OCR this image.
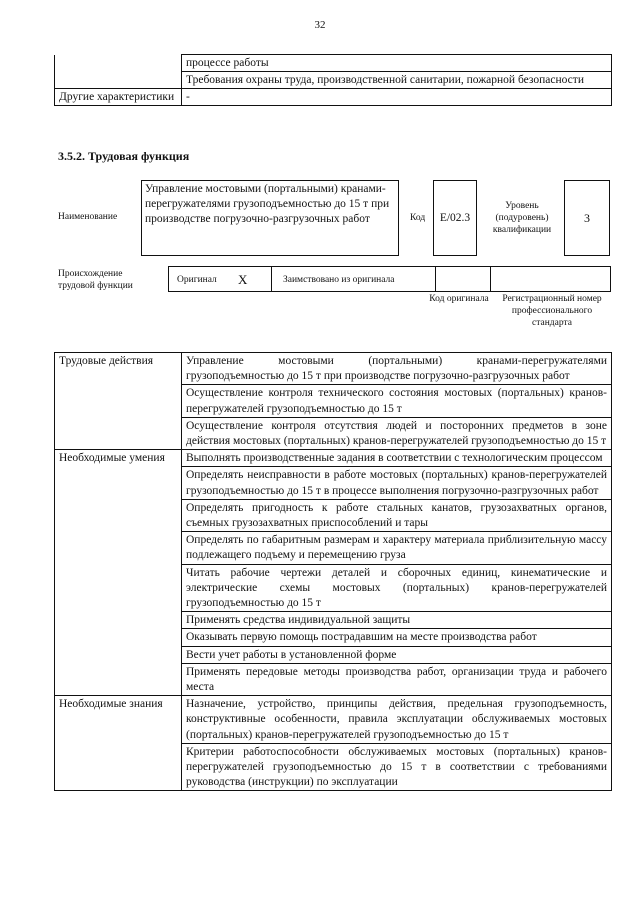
32
	процессе работы
	Требования охраны труда, производственной санитарии, пожарной безопасности
Другие характеристики	-
3.5.2. Трудовая функция
Наименование
Управление мостовыми (портальными) кранами-перегружателями грузоподъемностью до 15 т при производстве погрузочно-разгрузочных работ	Код	E/02.3
Уровень (подуровень) квалификации
3
Происхождение трудовой функции
Оригинал X	Заимствовано из оригинала
Код оригинала	Регистрационный номер профессионального стандарта
Трудовые действия	Управление мостовыми (портальными) кранами-перегружателями грузоподъемностью до 15 т при производстве погрузочно-разгрузочных работ
	Осуществление контроля технического состояния мостовых (портальных) кранов-перегружателей грузоподъемностью до 15 т
	Осуществление контроля отсутствия людей и посторонних предметов в зоне действия мостовых (портальных) кранов-перегружателей грузоподъемностью до 15 т
Необходимые умения	Выполнять производственные задания в соответствии с технологическим процессом
	Определять неисправности в работе мостовых (портальных) кранов-перегружателей грузоподъемностью до 15 т в процессе выполнения погрузочно-разгрузочных работ
	Определять пригодность к работе стальных канатов, грузозахватных органов, съемных грузозахватных приспособлений и тары
	Определять по габаритным размерам и характеру материала приблизительную массу подлежащего подъему и перемещению груза
	Читать рабочие чертежи деталей и сборочных единиц, кинематические и электрические схемы мостовых (портальных) кранов-перегружателей грузоподъемностью до 15 т
	Применять средства индивидуальной защиты
	Оказывать первую помощь пострадавшим на месте производства работ
	Вести учет работы в установленной форме
	Применять передовые методы производства работ, организации труда и рабочего места
Необходимые знания	Назначение, устройство, принципы действия, предельная грузоподъемность, конструктивные особенности, правила эксплуатации обслуживаемых мостовых (портальных) кранов-перегружателей грузоподъемностью до 15 т
	Критерии работоспособности обслуживаемых мостовых (портальных) кранов-перегружателей грузоподъемностью до 15 т в соответствии с требованиями руководства (инструкции) по эксплуатации
